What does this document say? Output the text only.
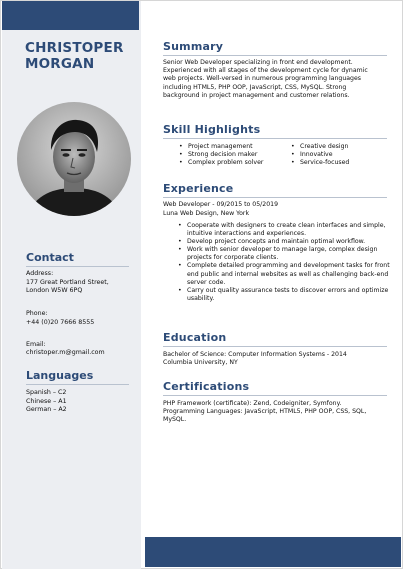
CHRISTOPER
MORGAN
Contact
Address:
177 Great Portland Street,
London W5W 6PQ
Phone:
+44 (0)20 7666 8555
Email:
christoper.m@gmail.com
Languages
Spanish – C2
Chinese – A1
German – A2
Summary
Senior Web Developer specializing in front end development.
Experienced with all stages of the development cycle for dynamic
web projects. Well-versed in numerous programming languages
including HTML5, PHP OOP, JavaScript, CSS, MySQL. Strong
background in project management and customer relations.
Skill Highlights
• Project management
• Strong decision maker
• Complex problem solver
• Creative design
• Innovative
• Service-focused
Experience
Web Developer - 09/2015 to 05/2019
Luna Web Design, New York
• Cooperate with designers to create clean interfaces and simple, intuitive interactions and experiences.
• Develop project concepts and maintain optimal workflow.
• Work with senior developer to manage large, complex design projects for corporate clients.
• Complete detailed programming and development tasks for front end public and internal websites as well as challenging back-end server code.
• Carry out quality assurance tests to discover errors and optimize usability.
Education
Bachelor of Science: Computer Information Systems - 2014
Columbia University, NY
Certifications
PHP Framework (certificate): Zend, Codeigniter, Symfony.
Programming Languages: JavaScript, HTML5, PHP OOP, CSS, SQL,
MySQL.
